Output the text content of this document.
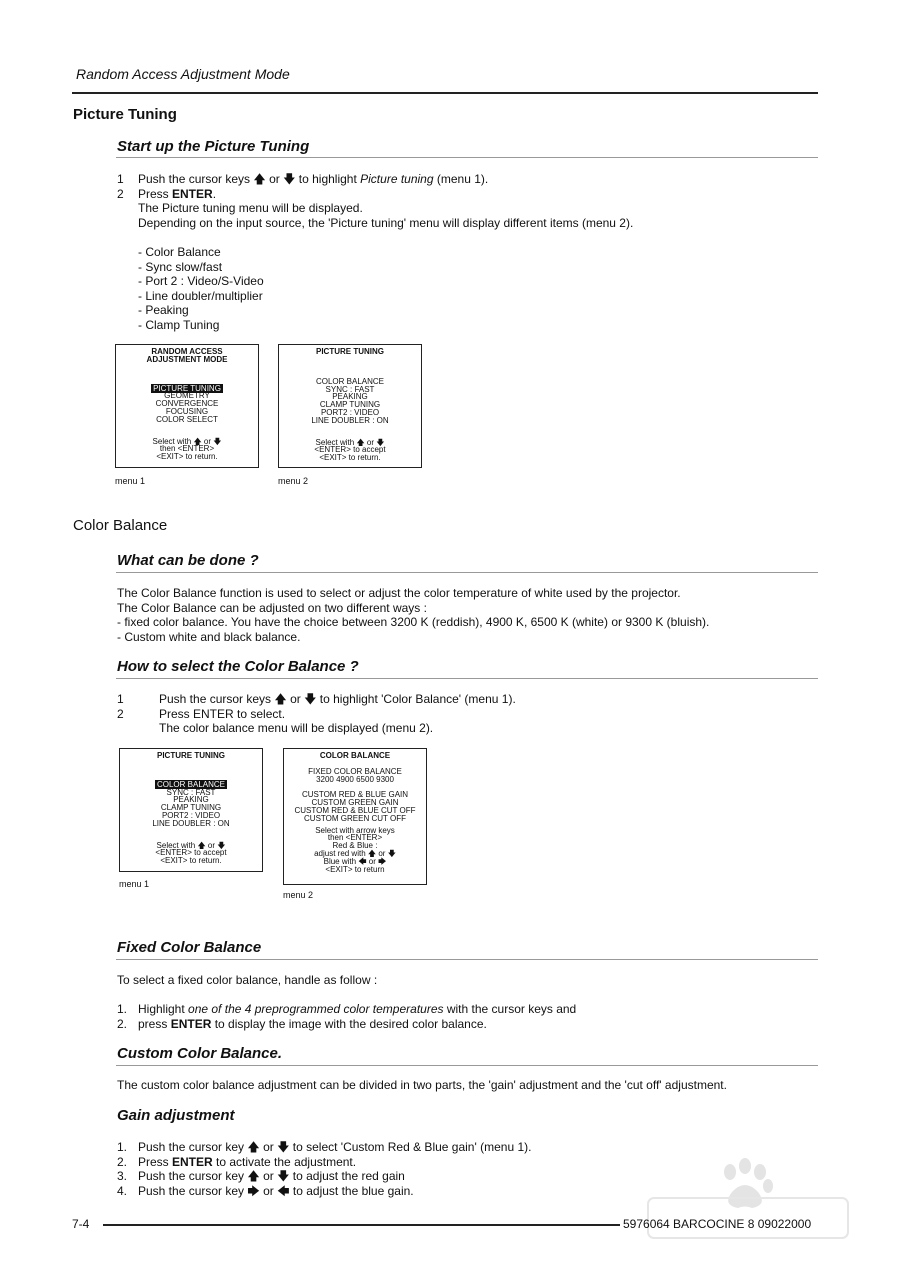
Random Access Adjustment Mode
Picture Tuning
Start up the Picture Tuning
1	Push the cursor keys 🡅 or 🡇 to highlight Picture tuning (menu 1).
2	Press ENTER.
The Picture tuning menu will be displayed.
Depending on the input source, the 'Picture tuning' menu will display different items (menu 2).
- Color Balance
- Sync slow/fast
- Port 2 : Video/S-Video
- Line doubler/multiplier
- Peaking
- Clamp Tuning
RANDOM ACCESS
ADJUSTMENT MODE
PICTURE TUNING
GEOMETRY
CONVERGENCE
FOCUSING
COLOR SELECT
Select with 🡅 or 🡇
then <ENTER>
<EXIT> to return.
menu 1
PICTURE TUNING
COLOR BALANCE
SYNC : FAST
PEAKING
CLAMP TUNING
PORT2 : VIDEO
LINE DOUBLER : ON
Select with 🡅 or 🡇
<ENTER> to accept
<EXIT> to return.
menu 2
Color Balance
What can be done ?
The Color Balance function is used to select or adjust the color temperature of white used by the projector.
The Color Balance can be adjusted on two different ways :
- fixed color balance. You have the choice between 3200 K (reddish), 4900 K, 6500 K (white) or 9300 K (bluish).
- Custom white and black balance.
How to select the Color Balance ?
1	Push the cursor keys 🡅 or 🡇 to highlight 'Color Balance' (menu 1).
2	Press ENTER to select.
The color balance menu will be displayed (menu 2).
PICTURE TUNING
COLOR BALANCE
SYNC : FAST
PEAKING
CLAMP TUNING
PORT2 : VIDEO
LINE DOUBLER : ON
Select with 🡅 or 🡇
<ENTER> to accept
<EXIT> to return.
menu 1
COLOR BALANCE
FIXED COLOR BALANCE
3200 4900 6500 9300
CUSTOM RED & BLUE GAIN
CUSTOM GREEN GAIN
CUSTOM RED & BLUE CUT OFF
CUSTOM GREEN CUT OFF
Select with arrow keys
then <ENTER>
Red & Blue :
adjust red with 🡅 or 🡇
Blue with 🡄 or 🡆
<EXIT> to return
menu 2
Fixed Color Balance
To select a fixed color balance, handle as follow :
1. Highlight one of the 4 preprogrammed color temperatures with the cursor keys and
2. press ENTER to display the image with the desired color balance.
Custom Color Balance.
The custom color balance adjustment can be divided in two parts, the 'gain' adjustment and the 'cut off' adjustment.
Gain adjustment
1. Push the cursor key 🡅 or 🡇 to select 'Custom Red & Blue gain' (menu 1).
2. Press ENTER to activate the adjustment.
3. Push the cursor key 🡅 or 🡇 to adjust the red gain
4. Push the cursor key 🡆 or 🡄 to adjust the blue gain.
7-4	5976064 BARCOCINE 8 09022000
